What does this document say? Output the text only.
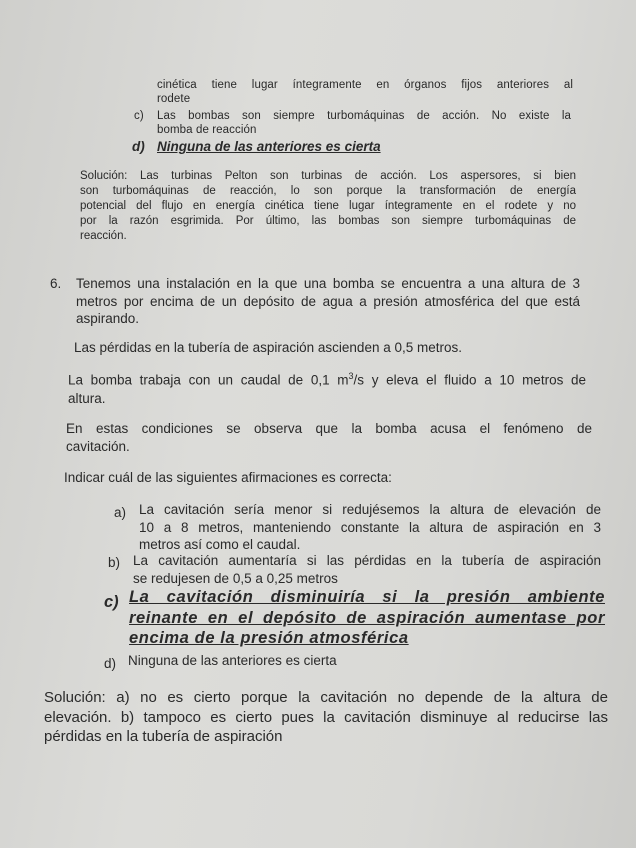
cinética tiene lugar íntegramente en órganos fijos anteriores al
rodete
c) Las bombas son siempre turbomáquinas de acción. No existe la
bomba de reacción
d) Ninguna de las anteriores es cierta
Solución: Las turbinas Pelton son turbinas de acción. Los aspersores, si bien
son turbomáquinas de reacción, lo son porque la transformación de energía
potencial del flujo en energía cinética tiene lugar íntegramente en el rodete y no
por la razón esgrimida. Por último, las bombas son siempre turbomáquinas de
reacción.
6. Tenemos una instalación en la que una bomba se encuentra a una altura de 3
metros por encima de un depósito de agua a presión atmosférica del que está
aspirando.
Las pérdidas en la tubería de aspiración ascienden a 0,5 metros.
La bomba trabaja con un caudal de 0,1 $m^3/s$ y eleva el fluido a 10 metros de
altura.
En estas condiciones se observa que la bomba acusa el fenómeno de
cavitación.
Indicar cuál de las siguientes afirmaciones es correcta:
a) La cavitación sería menor si redujésemos la altura de elevación de
10 a 8 metros, manteniendo constante la altura de aspiración en 3
metros así como el caudal.
b) La cavitación aumentaría si las pérdidas en la tubería de aspiración
se redujesen de 0,5 a 0,25 metros
c) La cavitación disminuiría si la presión ambiente
reinante en el depósito de aspiración aumentase por
encima de la presión atmosférica
d) Ninguna de las anteriores es cierta
Solución: a) no es cierto porque la cavitación no depende de la altura de
elevación. b) tampoco es cierto pues la cavitación disminuye al reducirse las
pérdidas en la tubería de aspiración
